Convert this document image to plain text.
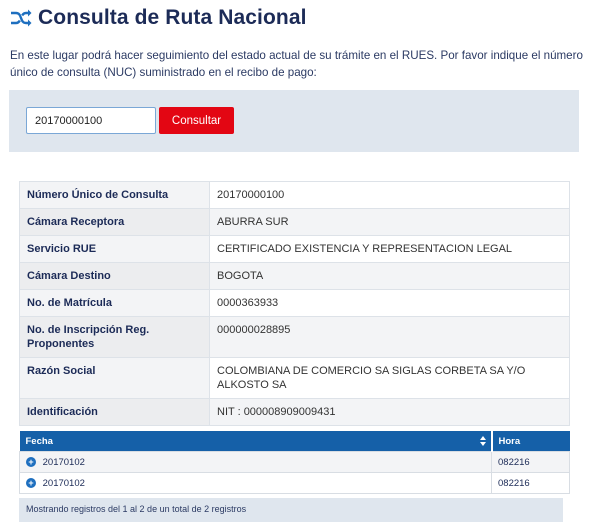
Consulta de Ruta Nacional
En este lugar podrá hacer seguimiento del estado actual de su trámite en el RUES. Por favor indique el número único de consulta (NUC) suministrado en el recibo de pago:
20170000100
Consultar
Número Único de Consulta	20170000100
Cámara Receptora	ABURRA SUR
Servicio RUE	CERTIFICADO EXISTENCIA Y REPRESENTACION LEGAL
Cámara Destino	BOGOTA
No. de Matrícula	0000363933
No. de Inscripción Reg. Proponentes	000000028895
Razón Social	COLOMBIANA DE COMERCIO SA SIGLAS CORBETA SA Y/O ALKOSTO SA
Identificación	NIT : 000008909009431
Fecha	Hora
+ 20170102	082216
+ 20170102	082216
Mostrando registros del 1 al 2 de un total de 2 registros
